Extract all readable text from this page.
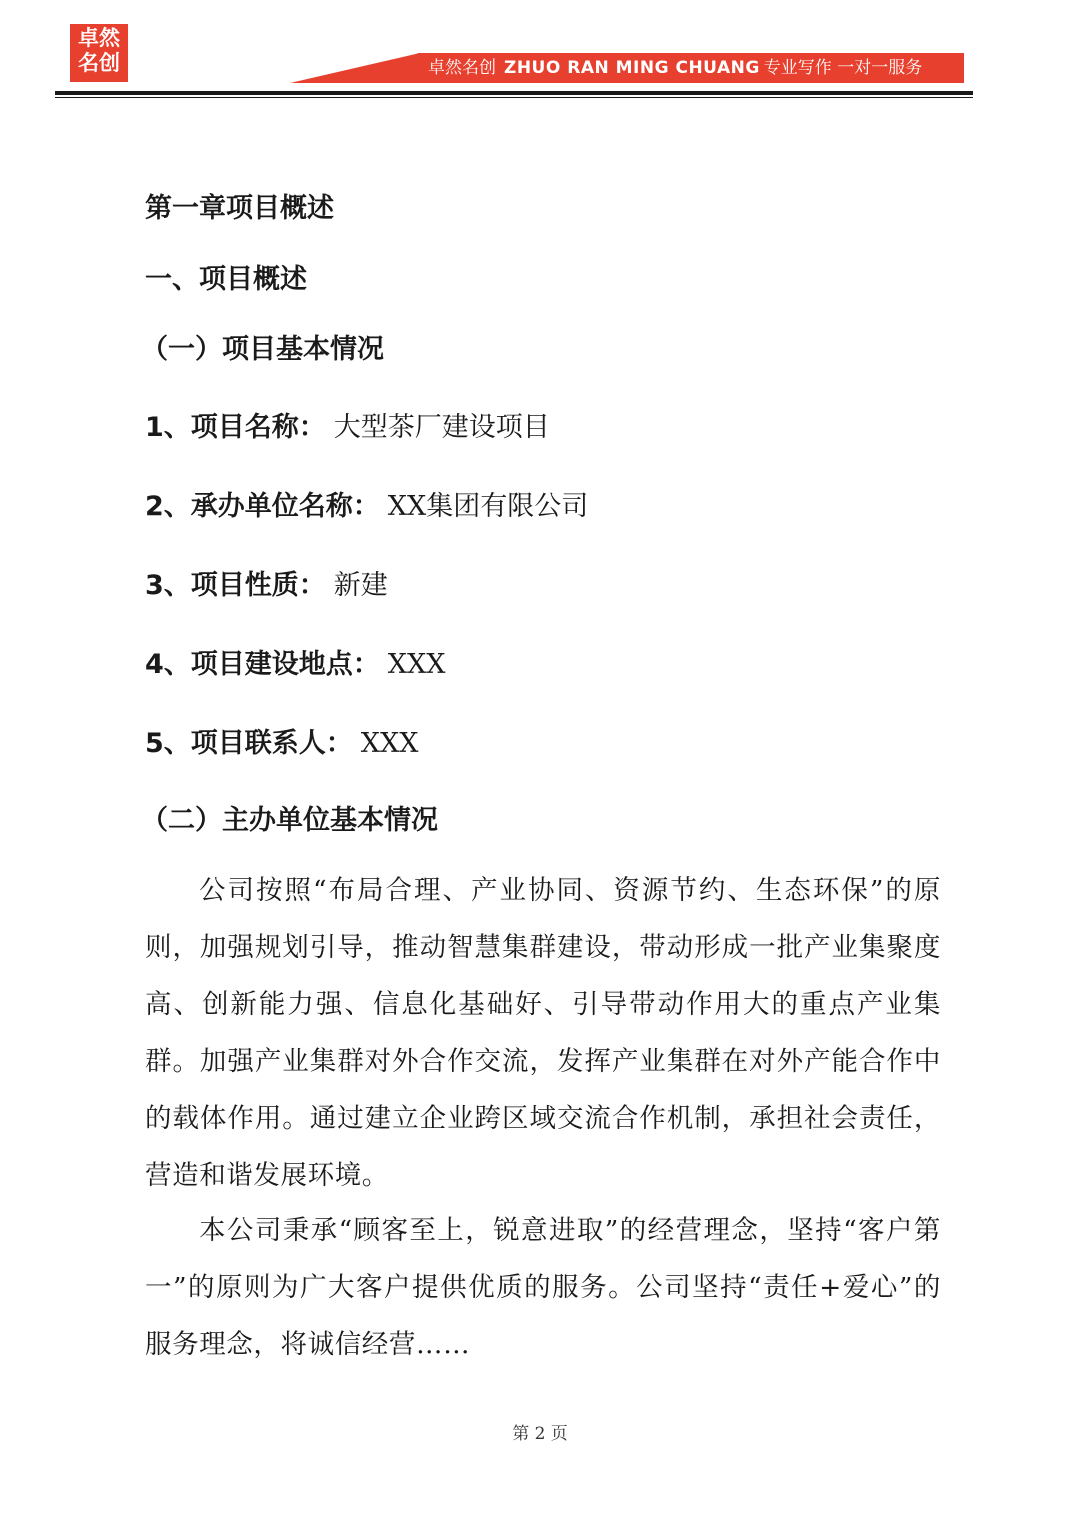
卓然
名创	卓然名创 ZHUO RAN MING CHUANG 专业写作 一对一服务
第一章项目概述
一、项目概述
（一）项目基本情况
1、项目名称： 大型茶厂建设项目
2、承办单位名称： XX集团有限公司
3、项目性质： 新建
4、项目建设地点： XXX
5、项目联系人： XXX
（二）主办单位基本情况
公司按照“布局合理、产业协同、资源节约、生态环保”的原则，加强规划引导，推动智慧集群建设，带动形成一批产业集聚度高、创新能力强、信息化基础好、引导带动作用大的重点产业集群。加强产业集群对外合作交流，发挥产业集群在对外产能合作中的载体作用。通过建立企业跨区域交流合作机制，承担社会责任，营造和谐发展环境。
本公司秉承“顾客至上，锐意进取”的经营理念，坚持“客户第一”的原则为广大客户提供优质的服务。公司坚持“责任+爱心”的服务理念，将诚信经营……
第 2 页
